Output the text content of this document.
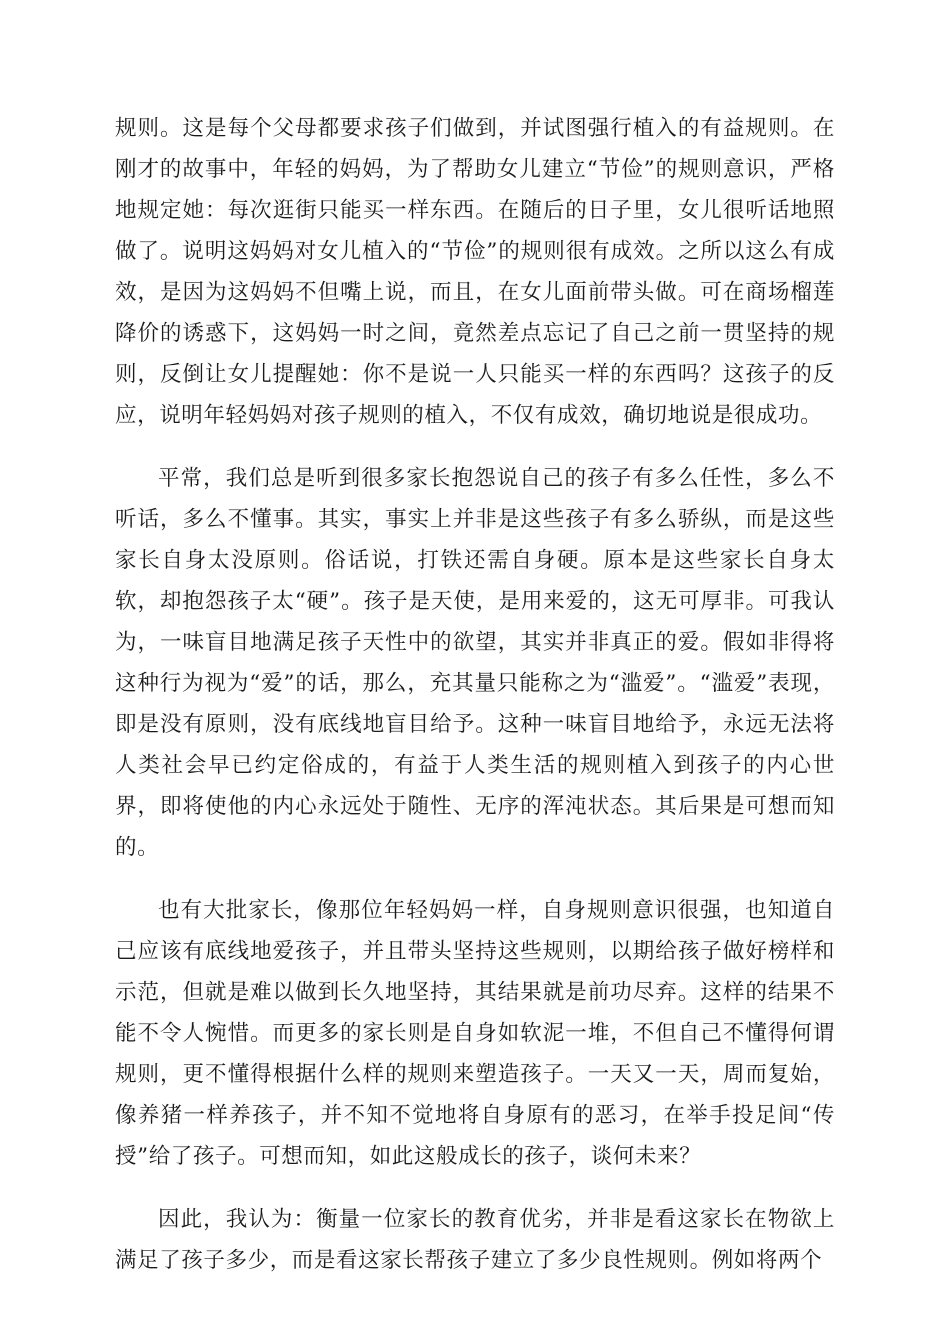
规则。这是每个父母都要求孩子们做到，并试图强行植入的有益规则。在刚才的故事中，年轻的妈妈，为了帮助女儿建立“节俭”的规则意识，严格地规定她：每次逛街只能买一样东西。在随后的日子里，女儿很听话地照做了。说明这妈妈对女儿植入的“节俭”的规则很有成效。之所以这么有成效，是因为这妈妈不但嘴上说，而且，在女儿面前带头做。可在商场榴莲降价的诱惑下，这妈妈一时之间，竟然差点忘记了自己之前一贯坚持的规则，反倒让女儿提醒她：你不是说一人只能买一样的东西吗？这孩子的反应，说明年轻妈妈对孩子规则的植入，不仅有成效，确切地说是很成功。

平常，我们总是听到很多家长抱怨说自己的孩子有多么任性，多么不听话，多么不懂事。其实，事实上并非是这些孩子有多么骄纵，而是这些家长自身太没原则。俗话说，打铁还需自身硬。原本是这些家长自身太软，却抱怨孩子太“硬”。孩子是天使，是用来爱的，这无可厚非。可我认为，一味盲目地满足孩子天性中的欲望，其实并非真正的爱。假如非得将这种行为视为“爱”的话，那么，充其量只能称之为“滥爱”。“滥爱”表现，即是没有原则，没有底线地盲目给予。这种一味盲目地给予，永远无法将人类社会早已约定俗成的，有益于人类生活的规则植入到孩子的内心世界，即将使他的内心永远处于随性、无序的浑沌状态。其后果是可想而知的。

也有大批家长，像那位年轻妈妈一样，自身规则意识很强，也知道自己应该有底线地爱孩子，并且带头坚持这些规则，以期给孩子做好榜样和示范，但就是难以做到长久地坚持，其结果就是前功尽弃。这样的结果不能不令人惋惜。而更多的家长则是自身如软泥一堆，不但自己不懂得何谓规则，更不懂得根据什么样的规则来塑造孩子。一天又一天，周而复始，像养猪一样养孩子，并不知不觉地将自身原有的恶习，在举手投足间“传授”给了孩子。可想而知，如此这般成长的孩子，谈何未来？

因此，我认为：衡量一位家长的教育优劣，并非是看这家长在物欲上满足了孩子多少，而是看这家长帮孩子建立了多少良性规则。例如将两个
